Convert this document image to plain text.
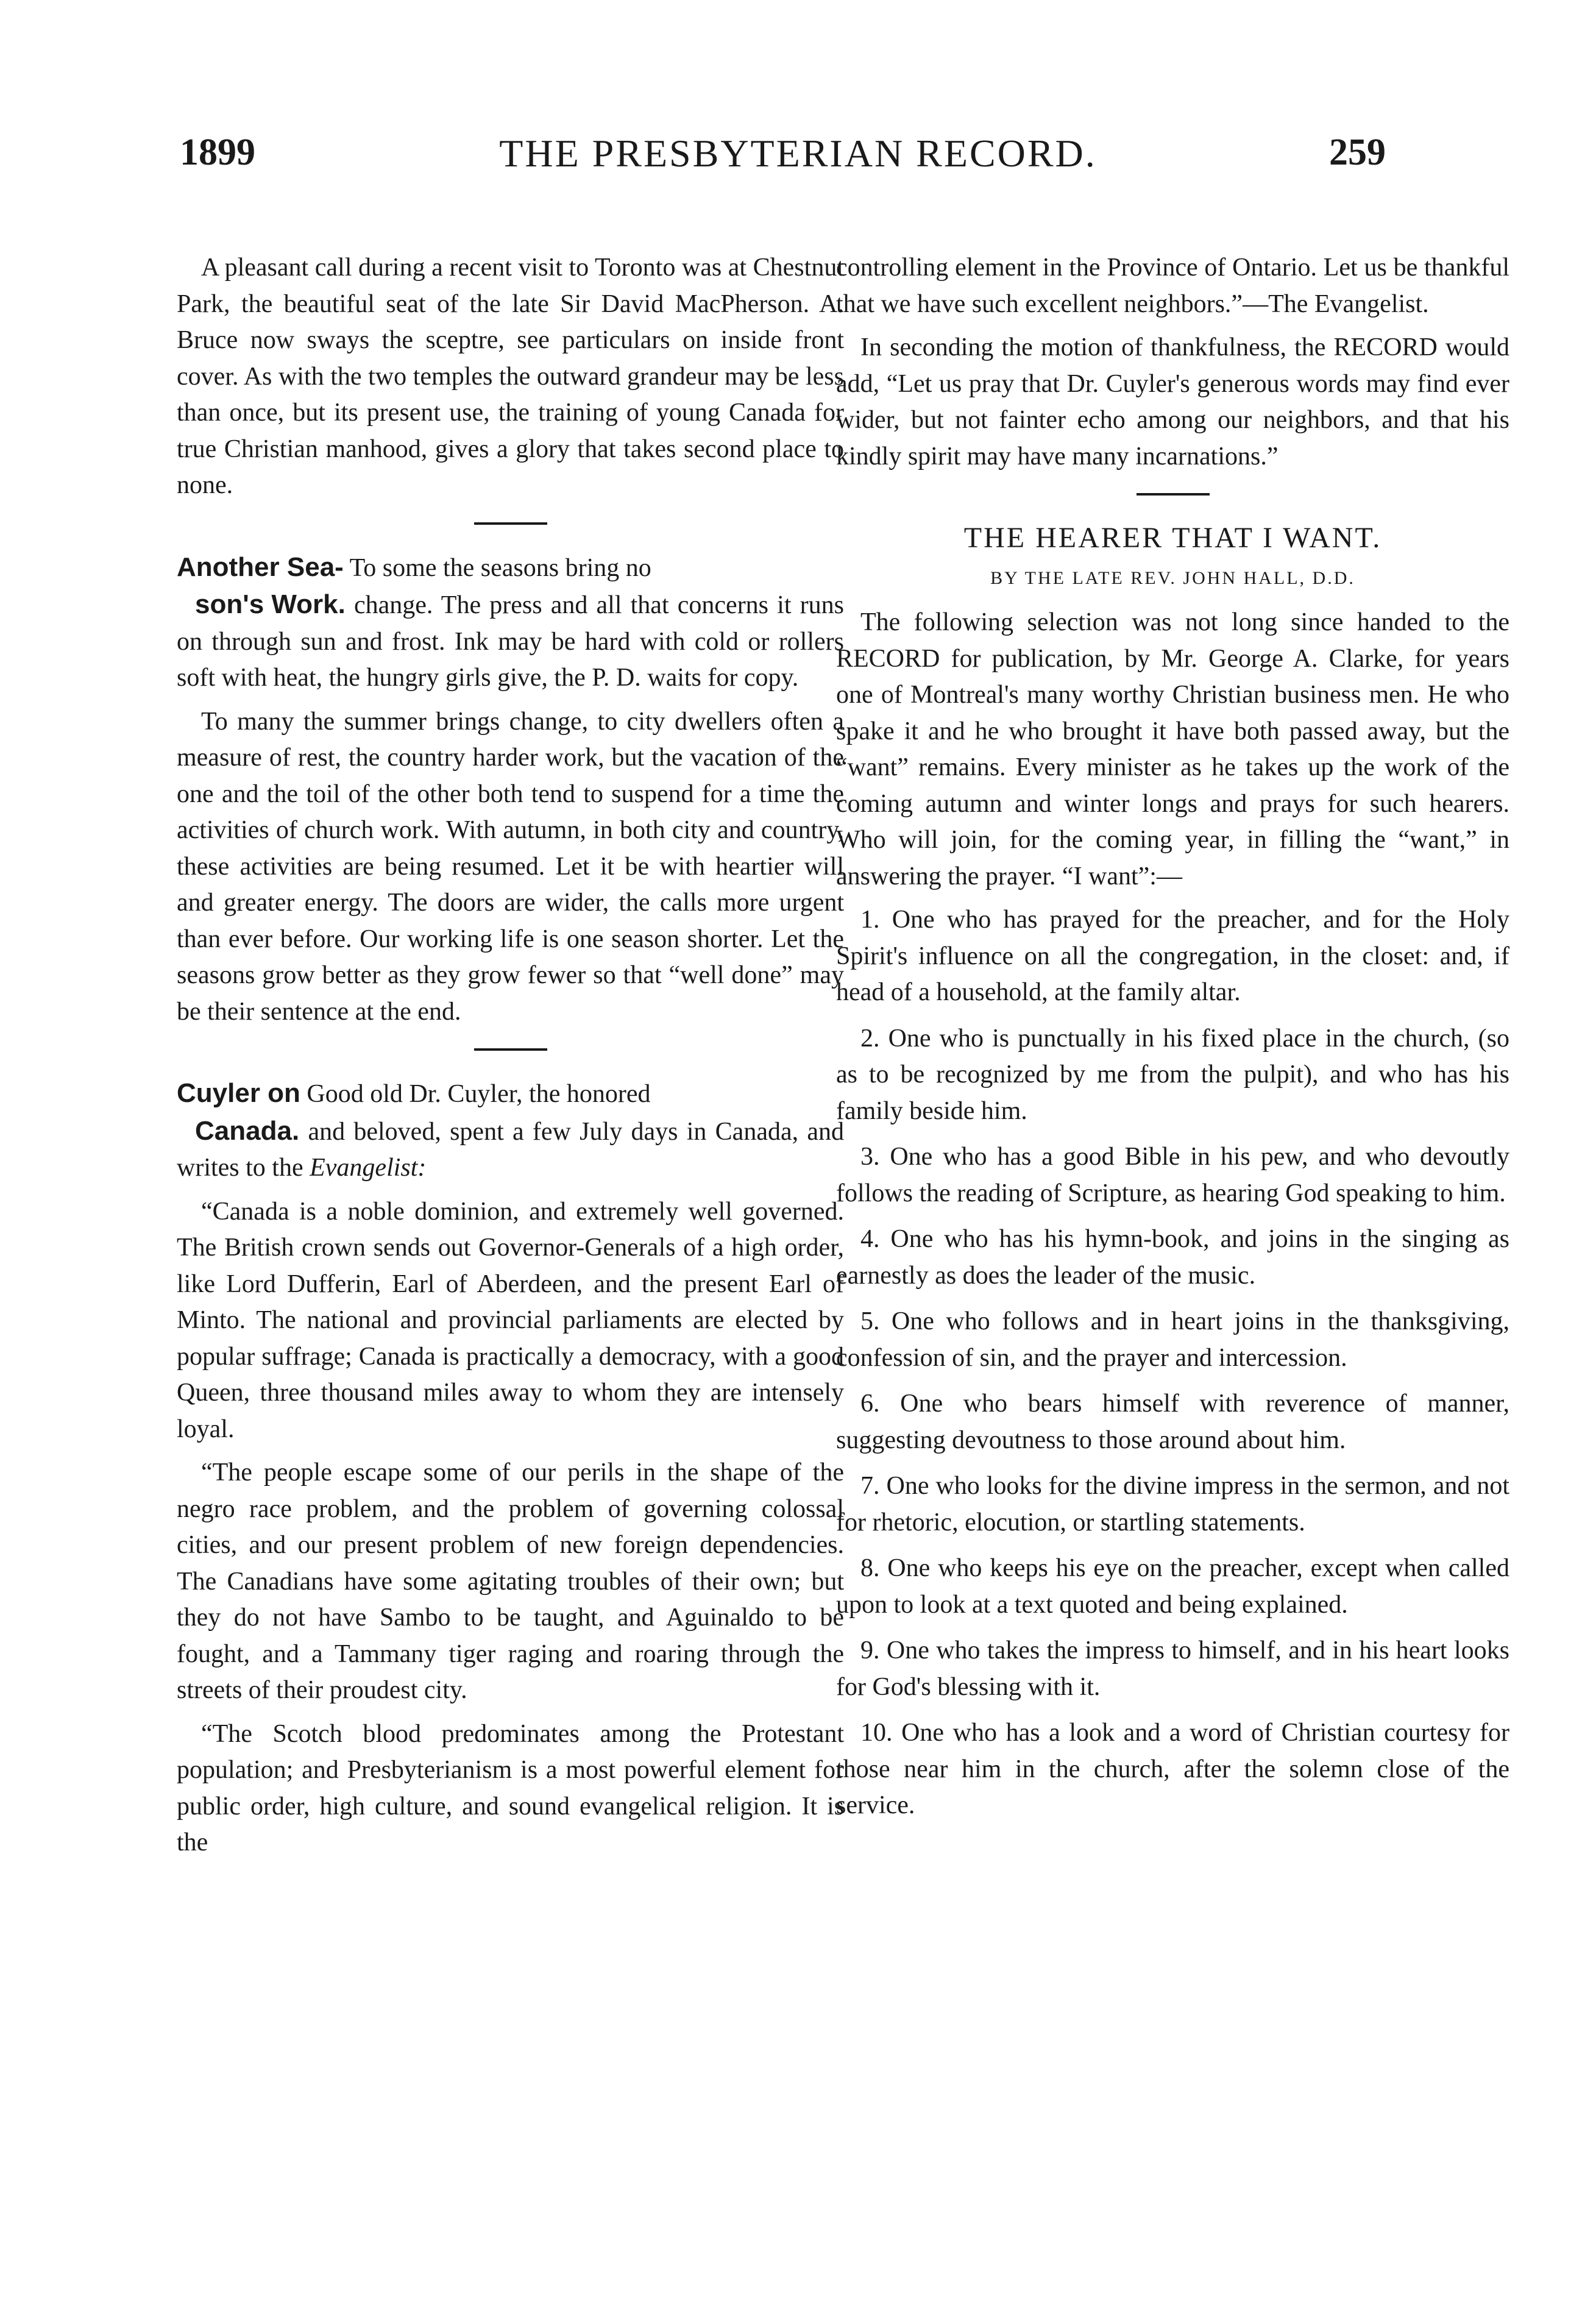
1899	THE PRESBYTERIAN RECORD.	259

A pleasant call during a recent visit to Toronto was at Chestnut Park, the beautiful seat of the late Sir David MacPherson. A. Bruce now sways the sceptre, see particulars on inside front cover. As with the two temples the outward grandeur may be less than once, but its present use, the training of young Canada for true Christian manhood, gives a glory that takes second place to none.

Another Sea- To some the seasons bring no
son's Work. change. The press and all that concerns it runs on through sun and frost. Ink may be hard with cold or rollers soft with heat, the hungry girls give, the P. D. waits for copy.

To many the summer brings change, to city dwellers often a measure of rest, the country harder work, but the vacation of the one and the toil of the other both tend to suspend for a time the activities of church work. With autumn, in both city and country, these activities are being resumed. Let it be with heartier will and greater energy. The doors are wider, the calls more urgent than ever before. Our working life is one season shorter. Let the seasons grow better as they grow fewer so that “well done” may be their sentence at the end.

Cuyler on Good old Dr. Cuyler, the honored
Canada. and beloved, spent a few July days in Canada, and writes to the Evangelist:

“Canada is a noble dominion, and extremely well governed. The British crown sends out Governor-Generals of a high order, like Lord Dufferin, Earl of Aberdeen, and the present Earl of Minto. The national and provincial parliaments are elected by popular suffrage; Canada is practically a democracy, with a good Queen, three thousand miles away to whom they are intensely loyal.

“The people escape some of our perils in the shape of the negro race problem, and the problem of governing colossal cities, and our present problem of new foreign dependencies. The Canadians have some agitating troubles of their own; but they do not have Sambo to be taught, and Aguinaldo to be fought, and a Tammany tiger raging and roaring through the streets of their proudest city.

“The Scotch blood predominates among the Protestant population; and Presbyterianism is a most powerful element for public order, high culture, and sound evangelical religion. It is the

controlling element in the Province of Ontario. Let us be thankful that we have such excellent neighbors.”—The Evangelist.

In seconding the motion of thankfulness, the RECORD would add, “Let us pray that Dr. Cuyler's generous words may find ever wider, but not fainter echo among our neighbors, and that his kindly spirit may have many incarnations.”

THE HEARER THAT I WANT.
BY THE LATE REV. JOHN HALL, D.D.

The following selection was not long since handed to the RECORD for publication, by Mr. George A. Clarke, for years one of Montreal's many worthy Christian business men. He who spake it and he who brought it have both passed away, but the “want” remains. Every minister as he takes up the work of the coming autumn and winter longs and prays for such hearers. Who will join, for the coming year, in filling the “want,” in answering the prayer. “I want”:—

1. One who has prayed for the preacher, and for the Holy Spirit's influence on all the congregation, in the closet: and, if head of a household, at the family altar.

2. One who is punctually in his fixed place in the church, (so as to be recognized by me from the pulpit), and who has his family beside him.

3. One who has a good Bible in his pew, and who devoutly follows the reading of Scripture, as hearing God speaking to him.

4. One who has his hymn-book, and joins in the singing as earnestly as does the leader of the music.

5. One who follows and in heart joins in the thanksgiving, confession of sin, and the prayer and intercession.

6. One who bears himself with reverence of manner, suggesting devoutness to those around about him.

7. One who looks for the divine impress in the sermon, and not for rhetoric, elocution, or startling statements.

8. One who keeps his eye on the preacher, except when called upon to look at a text quoted and being explained.

9. One who takes the impress to himself, and in his heart looks for God's blessing with it.

10. One who has a look and a word of Christian courtesy for those near him in the church, after the solemn close of the service.
